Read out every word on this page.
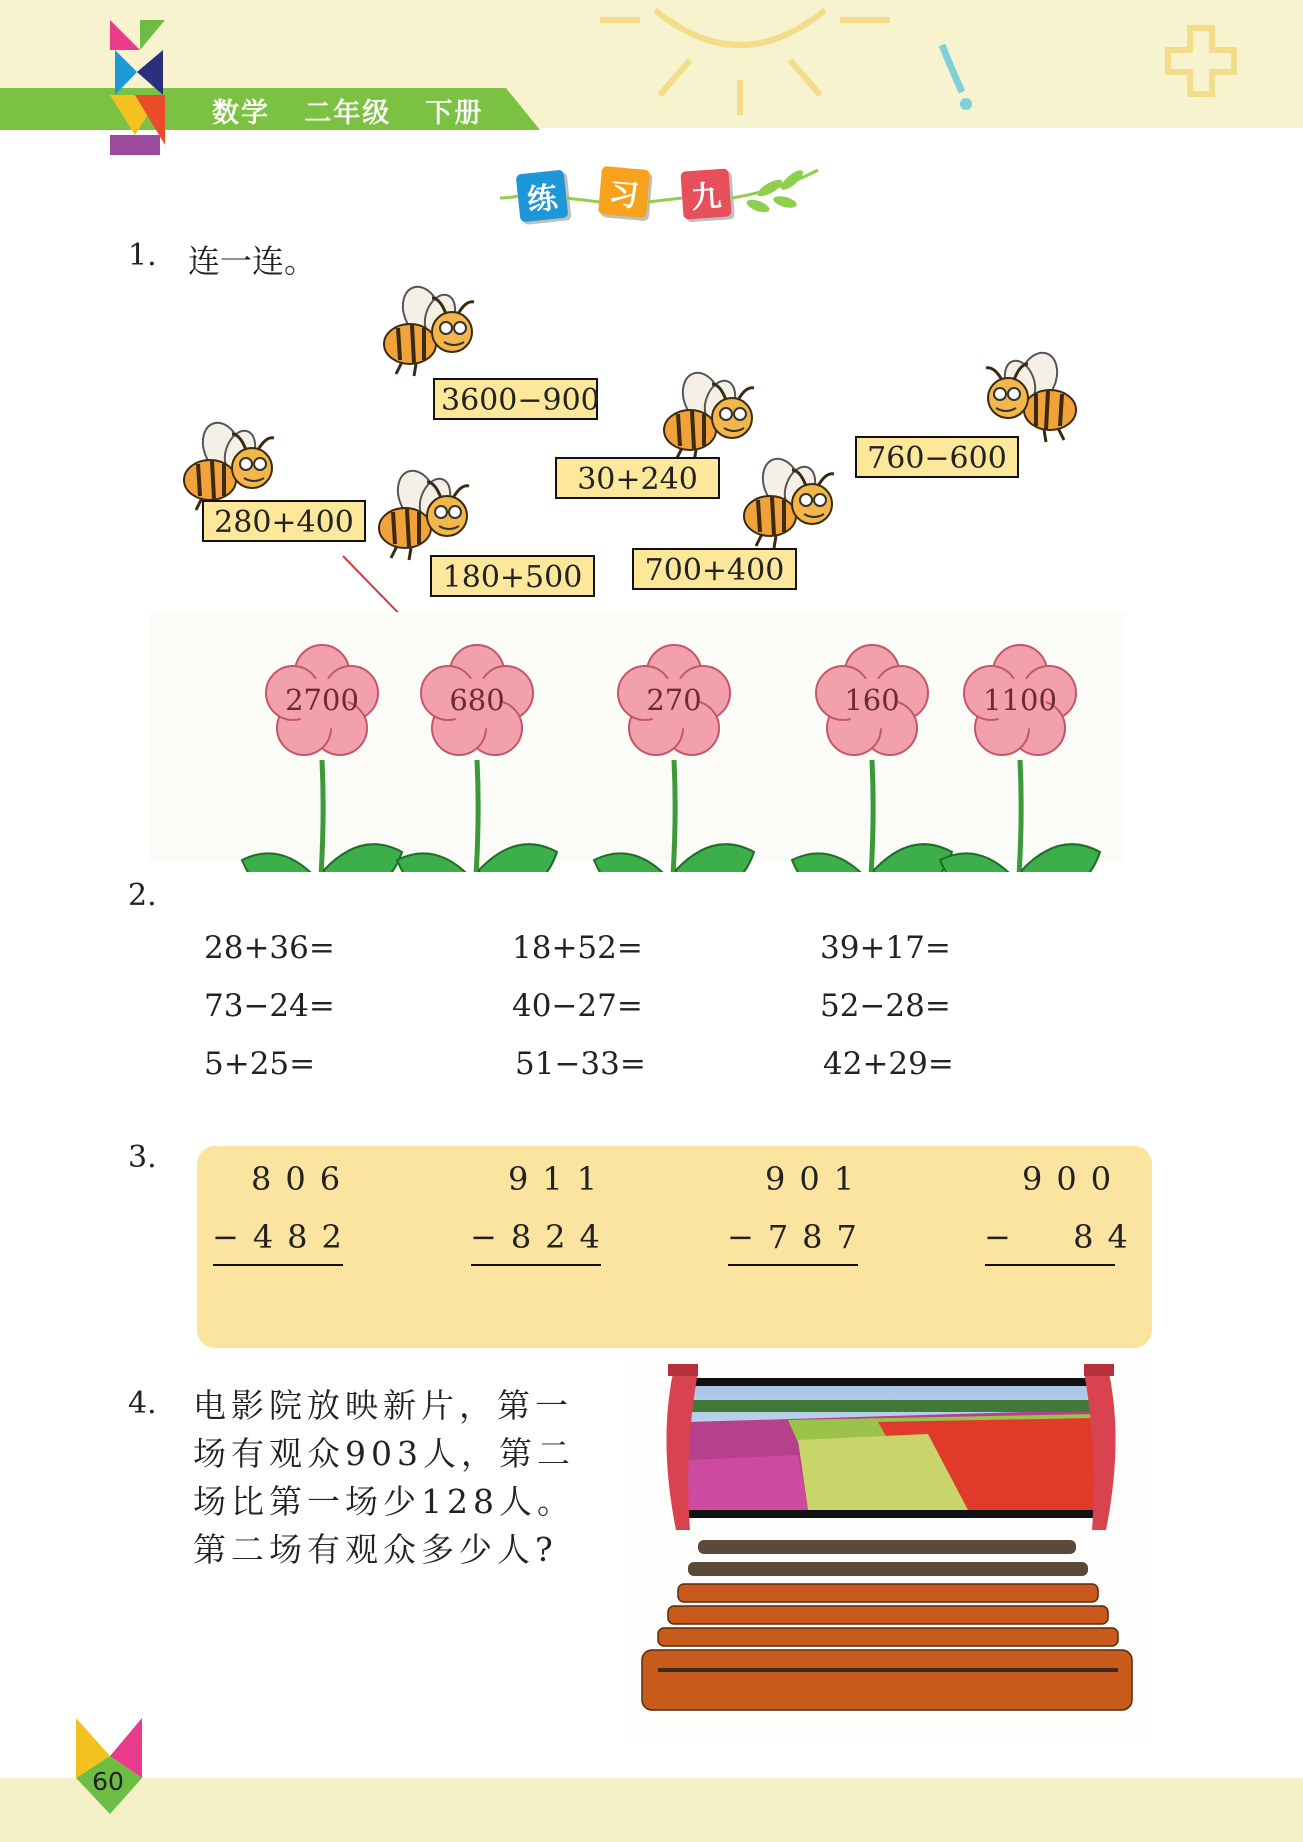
数学   二年级   下册
练	习	九
1. 连一连。
3600−900
280+400
180+500
30+240
700+400
760−600
2700	680	270	160	1100
2.
28+36=	18+52=	39+17=
73−24=	40−27=	52−28=
5+25=	51−33=	42+29=
3.
806
−482
911
−824
901
−787
900
−  84
4. 电影院放映新片，第一
场有观众903人，第二
场比第一场少128人。
第二场有观众多少人?
60
